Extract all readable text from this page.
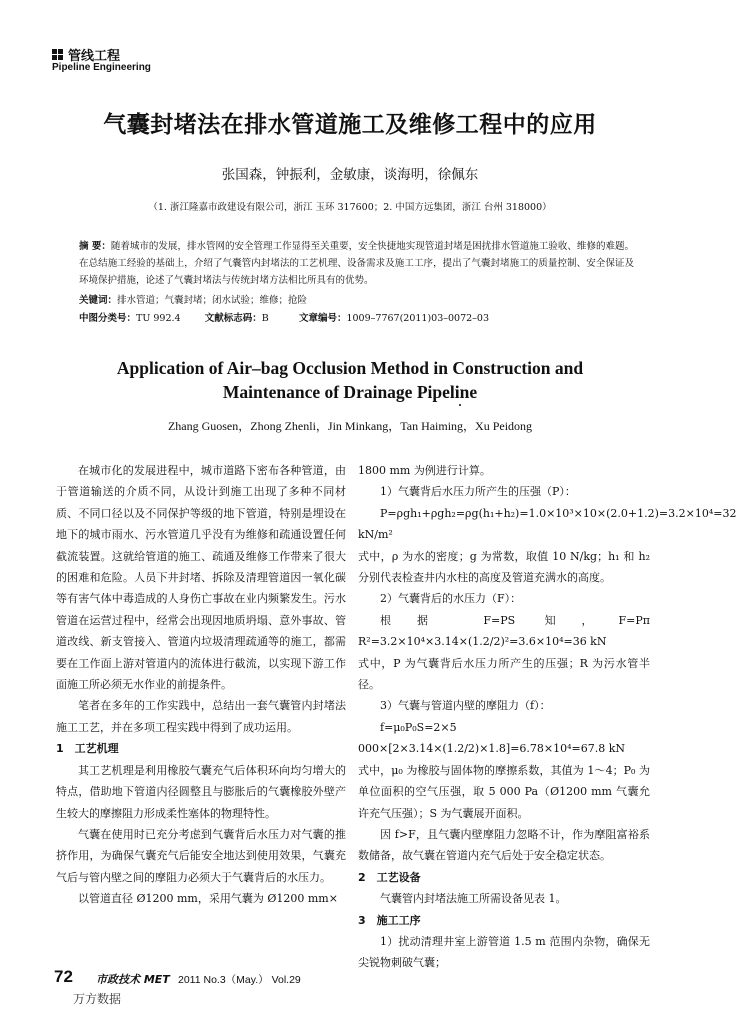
管线工程
Pipeline Engineering
气囊封堵法在排水管道施工及维修工程中的应用
张国森，钟振利，金敏康，谈海明，徐佩东
（1. 浙江隆嘉市政建设有限公司，浙江 玉环 317600；2. 中国方远集团，浙江 台州 318000）
摘 要：随着城市的发展，排水管网的安全管理工作显得至关重要，安全快捷地实现管道封堵是困扰排水管道施工验收、维修的难题。在总结施工经验的基础上，介绍了气囊管内封堵法的工艺机理、设备需求及施工工序，提出了气囊封堵施工的质量控制、安全保证及环境保护措施，论述了气囊封堵法与传统封堵方法相比所具有的优势。
关键词：排水管道；气囊封堵；闭水试验；维修；抢险
中图分类号：TU 992.4	文献标志码：B	文章编号：1009–7767(2011)03–0072–03
Application of Air–bag Occlusion Method in Construction and
Maintenance of Drainage Pipeline
Zhang Guosen，Zhong Zhenli，Jin Minkang，Tan Haiming，Xu Peidong

在城市化的发展进程中，城市道路下密布各种管道，由于管道输送的介质不同，从设计到施工出现了多种不同材质、不同口径以及不同保护等级的地下管道，特别是埋设在地下的城市雨水、污水管道几乎没有为维修和疏通设置任何截流装置。这就给管道的施工、疏通及维修工作带来了很大的困难和危险。人员下井封堵、拆除及清理管道因一氧化碳等有害气体中毒造成的人身伤亡事故在业内频繁发生。污水管道在运营过程中，经常会出现因地质坍塌、意外事故、管道改线、新支管接入、管道内垃圾清理疏通等的施工，都需要在工作面上游对管道内的流体进行截流，以实现下游工作面施工所必须无水作业的前提条件。

笔者在多年的工作实践中，总结出一套气囊管内封堵法施工工艺，并在多项工程实践中得到了成功运用。

1　工艺机理

其工艺机理是利用橡胶气囊充气后体积环向均匀增大的特点，借助地下管道内径圆整且与膨胀后的气囊橡胶外壁产生较大的摩擦阻力形成柔性塞体的物理特性。

气囊在使用时已充分考虑到气囊背后水压力对气囊的推挤作用，为确保气囊充气后能安全地达到使用效果，气囊充气后与管内壁之间的摩阻力必须大于气囊背后的水压力。

以管道直径 Ø1200 mm，采用气囊为 Ø1200 mm×

1800 mm 为例进行计算。

1）气囊背后水压力所产生的压强（P）：

P=ρgh₁+ρgh₂=ρg(h₁+h₂)=1.0×10³×10×(2.0+1.2)=3.2×10⁴=32 kN/m²

式中，ρ 为水的密度；g 为常数，取值 10 N/kg；h₁ 和 h₂ 分别代表检查井内水柱的高度及管道充满水的高度。

2）气囊背后的水压力（F）：

根据 F=PS 知，F=Pπ R²=3.2×10⁴×3.14×(1.2/2)²=3.6×10⁴=36 kN

式中，P 为气囊背后水压力所产生的压强；R 为污水管半径。

3）气囊与管道内壁的摩阻力（f）：

f=μ₀P₀S=2×5 000×[2×3.14×(1.2/2)×1.8]=6.78×10⁴=67.8 kN

式中，μ₀ 为橡胶与固体物的摩擦系数，其值为 1～4；P₀ 为单位面积的空气压强，取 5 000 Pa（Ø1200 mm 气囊允许充气压强）；S 为气囊展开面积。

因 f>F，且气囊内壁摩阻力忽略不计，作为摩阻富裕系数储备，故气囊在管道内充气后处于安全稳定状态。

2　工艺设备

气囊管内封堵法施工所需设备见表 1。

3　施工工序

1）扰动清理井室上游管道 1.5 m 范围内杂物，确保无尖锐物刺破气囊；

72 市政技术 MET 2011 No.3（May.） Vol.29
万方数据
